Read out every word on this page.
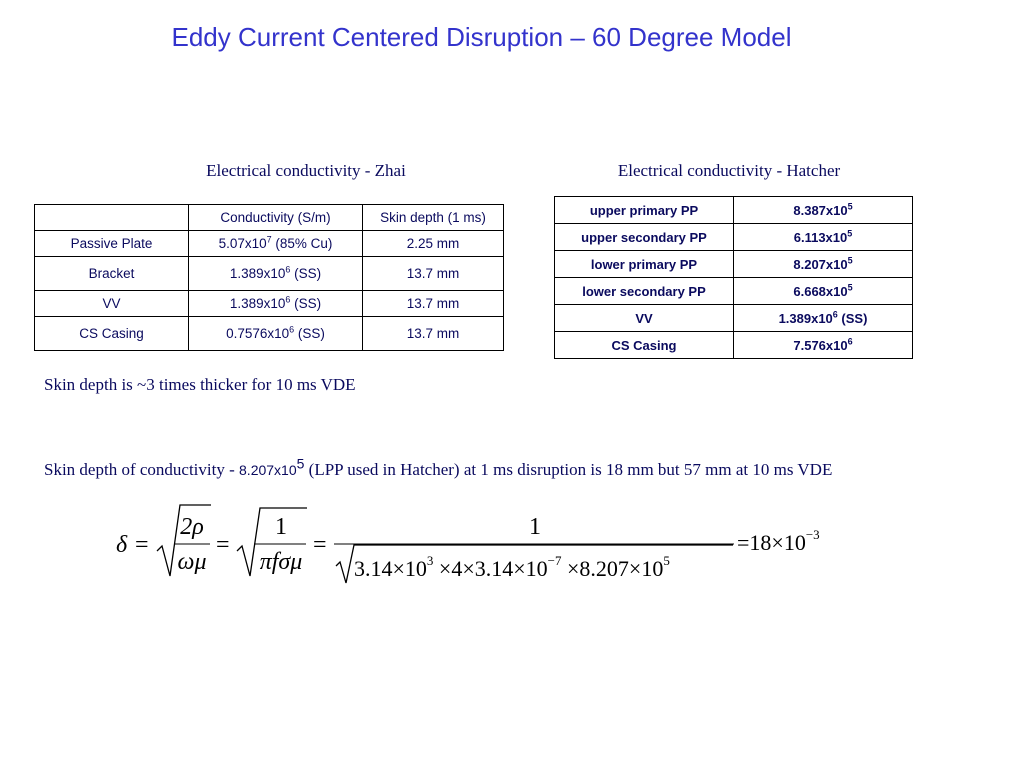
Eddy Current Centered Disruption – 60 Degree Model
Electrical conductivity - Zhai	Electrical conductivity - Hatcher
	Conductivity (S/m)	Skin depth (1 ms)
Passive Plate	$5.07x10^7$ (85% Cu)	2.25 mm
Bracket	$1.389x10^6$ (SS)	13.7 mm
VV	$1.389x10^6$ (SS)	13.7 mm
CS Casing	$0.7576x10^6$ (SS)	13.7 mm
upper primary PP	$8.387x10^5$
upper secondary PP	$6.113x10^5$
lower primary PP	$8.207x10^5$
lower secondary PP	$6.668x10^5$
VV	$1.389x10^6$ (SS)
CS Casing	$7.576x10^6$
Skin depth is ~3 times thicker for 10 ms VDE
Skin depth of conductivity - $8.207x10^5$ (LPP used in Hatcher) at 1 ms disruption is 18 mm but 57 mm at 10 ms VDE
δ =
2ρ
ωμ
=
1
πfσμ
=
1
$3.14\times 10^3 \times 4\times 3.14\times 10^{-7} \times 8.207\times 10^5$
$=18\times 10^{-3}$
